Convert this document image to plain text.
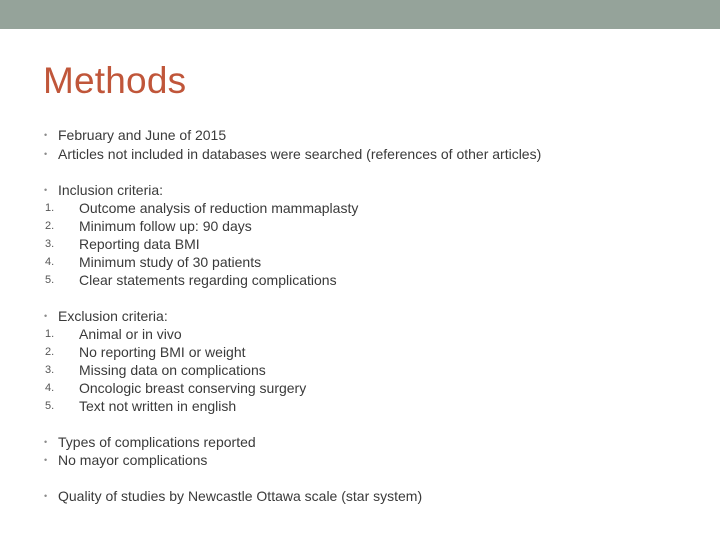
Methods
• February and June of 2015
• Articles not included in databases were searched (references of other articles)
• Inclusion criteria:
1. Outcome analysis of reduction mammaplasty
2. Minimum follow up: 90 days
3. Reporting data BMI
4. Minimum study of 30 patients
5. Clear statements regarding complications
• Exclusion criteria:
1. Animal or in vivo
2. No reporting BMI or weight
3. Missing data on complications
4. Oncologic breast conserving surgery
5. Text not written in english
• Types of complications reported
• No mayor complications
• Quality of studies by Newcastle Ottawa scale (star system)
